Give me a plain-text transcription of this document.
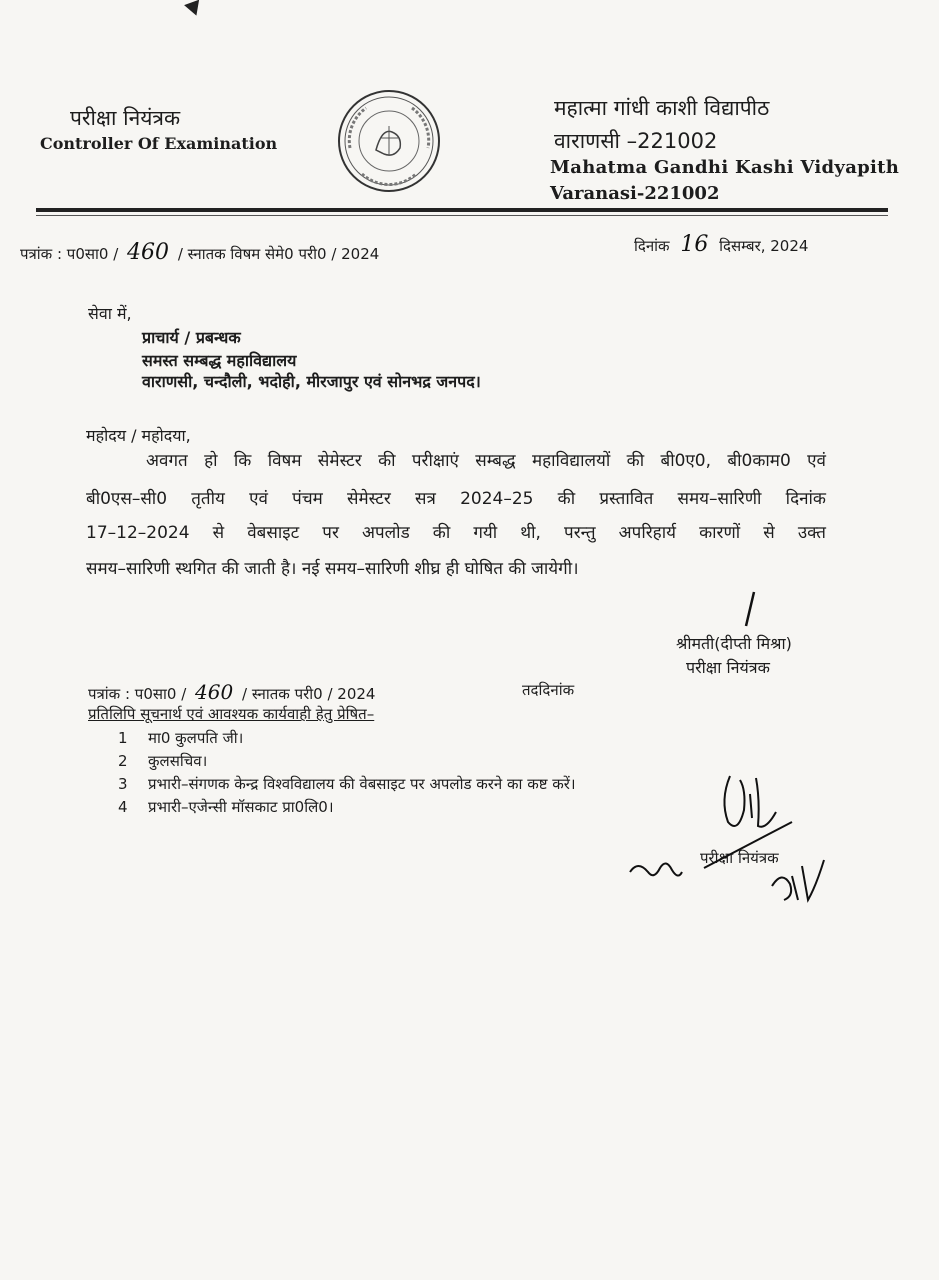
परीक्षा नियंत्रक
Controller Of Examination
महात्मा गांधी काशी विद्यापीठ
वाराणसी –221002
Mahatma Gandhi Kashi Vidyapith
Varanasi-221002
पत्रांक : प0सा0 / 460 / स्नातक विषम सेमे0 परी0 / 2024	दिनांक 16 दिसम्बर, 2024
सेवा में,
प्राचार्य / प्रबन्धक
समस्त सम्बद्ध महाविद्यालय
वाराणसी, चन्दौली, भदोही, मीरजापुर एवं सोनभद्र जनपद।
महोदय / महोदया,
अवगत हो कि विषम सेमेस्टर की परीक्षाएं सम्बद्ध महाविद्यालयों की बी0ए0, बी0काम0 एवं
बी0एस–सी0 तृतीय एवं पंचम सेमेस्टर सत्र 2024–25 की प्रस्तावित समय–सारिणी दिनांक
17–12–2024 से वेबसाइट पर अपलोड की गयी थी, परन्तु अपरिहार्य कारणों से उक्त
समय–सारिणी स्थगित की जाती है। नई समय–सारिणी शीघ्र ही घोषित की जायेगी।
श्रीमती(दीप्ती मिश्रा)
परीक्षा नियंत्रक
पत्रांक : प0सा0 / 460 / स्नातक परी0 / 2024	तददिनांक
प्रतिलिपि सूचनार्थ एवं आवश्यक कार्यवाही हेतु प्रेषित–
1 मा0 कुलपति जी।
2 कुलसचिव।
3 प्रभारी–संगणक केन्द्र विश्वविद्यालय की वेबसाइट पर अपलोड करने का कष्ट करें।
4 प्रभारी–एजेन्सी मॉसकाट प्रा0लि0।
परीक्षा नियंत्रक
